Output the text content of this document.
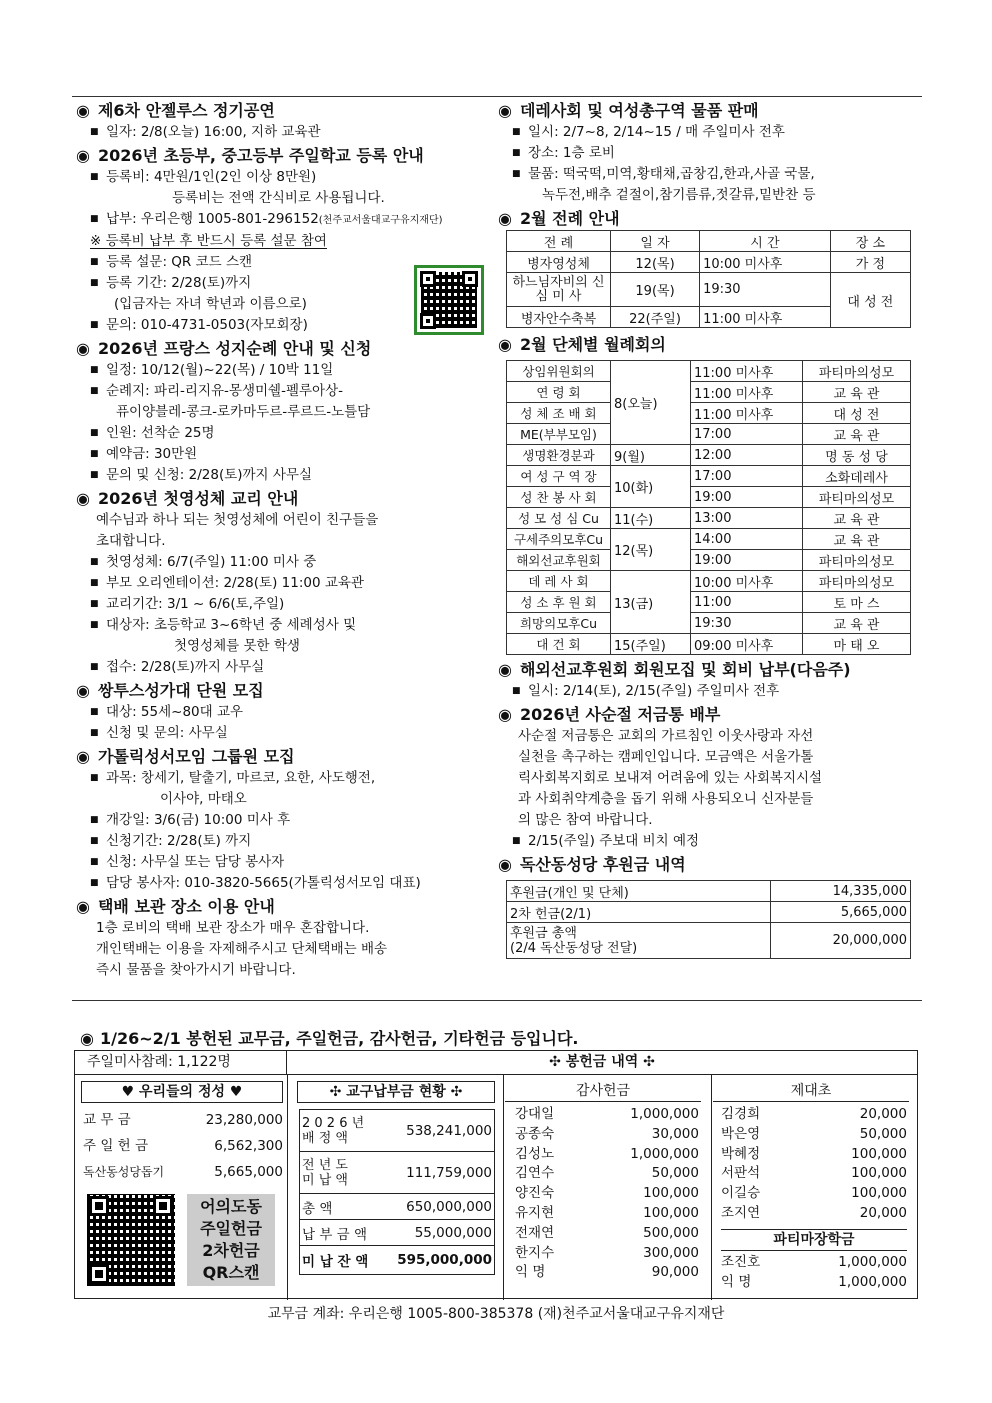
◉ 제6차 안젤루스 정기공연
■ 일자: 2/8(오늘) 16:00, 지하 교육관
◉ 2026년 초등부, 중고등부 주일학교 등록 안내
■ 등록비: 4만원/1인(2인 이상 8만원)
등록비는 전액 간식비로 사용됩니다.
■ 납부: 우리은행 1005-801-296152(천주교서울대교구유지재단)
※ 등록비 납부 후 반드시 등록 설문 참여
■ 등록 설문: QR 코드 스캔
■ 등록 기간: 2/28(토)까지
(입금자는 자녀 학년과 이름으로)
■ 문의: 010-4731-0503(자모회장)
◉ 2026년 프랑스 성지순례 안내 및 신청
■ 일정: 10/12(월)~22(목) / 10박 11일
■ 순례지: 파리-리지유-몽생미쉘-펠루아상-
퓨이양블레-콩크-로카마두르-루르드-노틀담
■ 인원: 선착순 25명
■ 예약금: 30만원
■ 문의 및 신청: 2/28(토)까지 사무실
◉ 2026년 첫영성체 교리 안내
예수님과 하나 되는 첫영성체에 어린이 친구들을
초대합니다.
■ 첫영성체: 6/7(주일) 11:00 미사 중
■ 부모 오리엔테이션: 2/28(토) 11:00 교육관
■ 교리기간: 3/1 ~ 6/6(토,주일)
■ 대상자: 초등학교 3~6학년 중 세례성사 및
첫영성체를 못한 학생
■ 접수: 2/28(토)까지 사무실
◉ 쌍투스성가대 단원 모집
■ 대상: 55세~80대 교우
■ 신청 및 문의: 사무실
◉ 가톨릭성서모임 그룹원 모집
■ 과목: 창세기, 탈출기, 마르코, 요한, 사도행전,
이사야, 마태오
■ 개강일: 3/6(금) 10:00 미사 후
■ 신청기간: 2/28(토) 까지
■ 신청: 사무실 또는 담당 봉사자
■ 담당 봉사자: 010-3820-5665(가톨릭성서모임 대표)
◉ 택배 보관 장소 이용 안내
1층 로비의 택배 보관 장소가 매우 혼잡합니다.
개인택배는 이용을 자제해주시고 단체택배는 배송
즉시 물품을 찾아가시기 바랍니다.
◉ 데레사회 및 여성총구역 물품 판매
■ 일시: 2/7~8, 2/14~15 / 매 주일미사 전후
■ 장소: 1층 로비
■ 물품: 떡국떡,미역,황태채,곱창김,한과,사골 국물,
녹두전,배추 겉절이,참기름류,젓갈류,밑반찬 등
◉ 2월 전례 안내
전 례	일 자	시 간	장 소
병자영성체	12(목)	10:00 미사후	가 정
하느님자비의 신 심 미 사	19(목)	19:30	대 성 전
병자안수축복	22(주일)	11:00 미사후	
◉ 2월 단체별 월례회의
상임위원회의	8(오늘)	11:00 미사후	파티마의성모
연 령 회		11:00 미사후	교 육 관
성 체 조 배 회		11:00 미사후	대 성 전
ME(부부모임)		17:00	교 육 관
생명환경분과	9(월)	12:00	명 동 성 당
여 성 구 역 장	10(화)	17:00	소화데레사
성 찬 봉 사 회		19:00	파티마의성모
성 모 성 심 Cu	11(수)	13:00	교 육 관
구세주의모후Cu	12(목)	14:00	교 육 관
해외선교후원회		19:00	파티마의성모
데 레 사 회	13(금)	10:00 미사후	파티마의성모
성 소 후 원 회		11:00	토 마 스
희망의모후Cu		19:30	교 육 관
대 건 회	15(주일)	09:00 미사후	마 태 오
◉ 해외선교후원회 회원모집 및 회비 납부(다음주)
■ 일시: 2/14(토), 2/15(주일) 주일미사 전후
◉ 2026년 사순절 저금통 배부
사순절 저금통은 교회의 가르침인 이웃사랑과 자선
실천을 촉구하는 캠페인입니다. 모금액은 서울가톨
릭사회복지회로 보내져 어려움에 있는 사회복지시설
과 사회취약계층을 돕기 위해 사용되오니 신자분들
의 많은 참여 바랍니다.
■ 2/15(주일) 주보대 비치 예정
◉ 독산동성당 후원금 내역
후원금(개인 및 단체)	14,335,000
2차 헌금(2/1)	5,665,000
후원금 총액
(2/4 독산동성당 전달)	20,000,000
◉ 1/26~2/1 봉헌된 교무금, 주일헌금, 감사헌금, 기타헌금 등입니다.
주일미사참례: 1,122명	✣ 봉헌금 내역 ✣
♥ 우리들의 정성 ♥
교 무 금	23,280,000
주 일 헌 금	6,562,300
독산동성당돕기	5,665,000
어의도동
주일헌금
2차헌금
QR스캔
✣ 교구납부금 현황 ✣
2 0 2 6 년
배 정 액	538,241,000
전 년 도
미 납 액	111,759,000
총 액	650,000,000
납 부 금 액	55,000,000
미 납 잔 액 595,000,000
감사헌금
강대일	1,000,000
공종숙	30,000
김성노	1,000,000
김연수	50,000
양진숙	100,000
유지현	100,000
전재연	500,000
한지수	300,000
익 명	90,000
제대초
김경희	20,000
박은영	50,000
박혜정	100,000
서판석	100,000
이길승	100,000
조지연	20,000
파티마장학금
조진호	1,000,000
익 명	1,000,000
교무금 계좌: 우리은행 1005-800-385378 (재)천주교서울대교구유지재단
